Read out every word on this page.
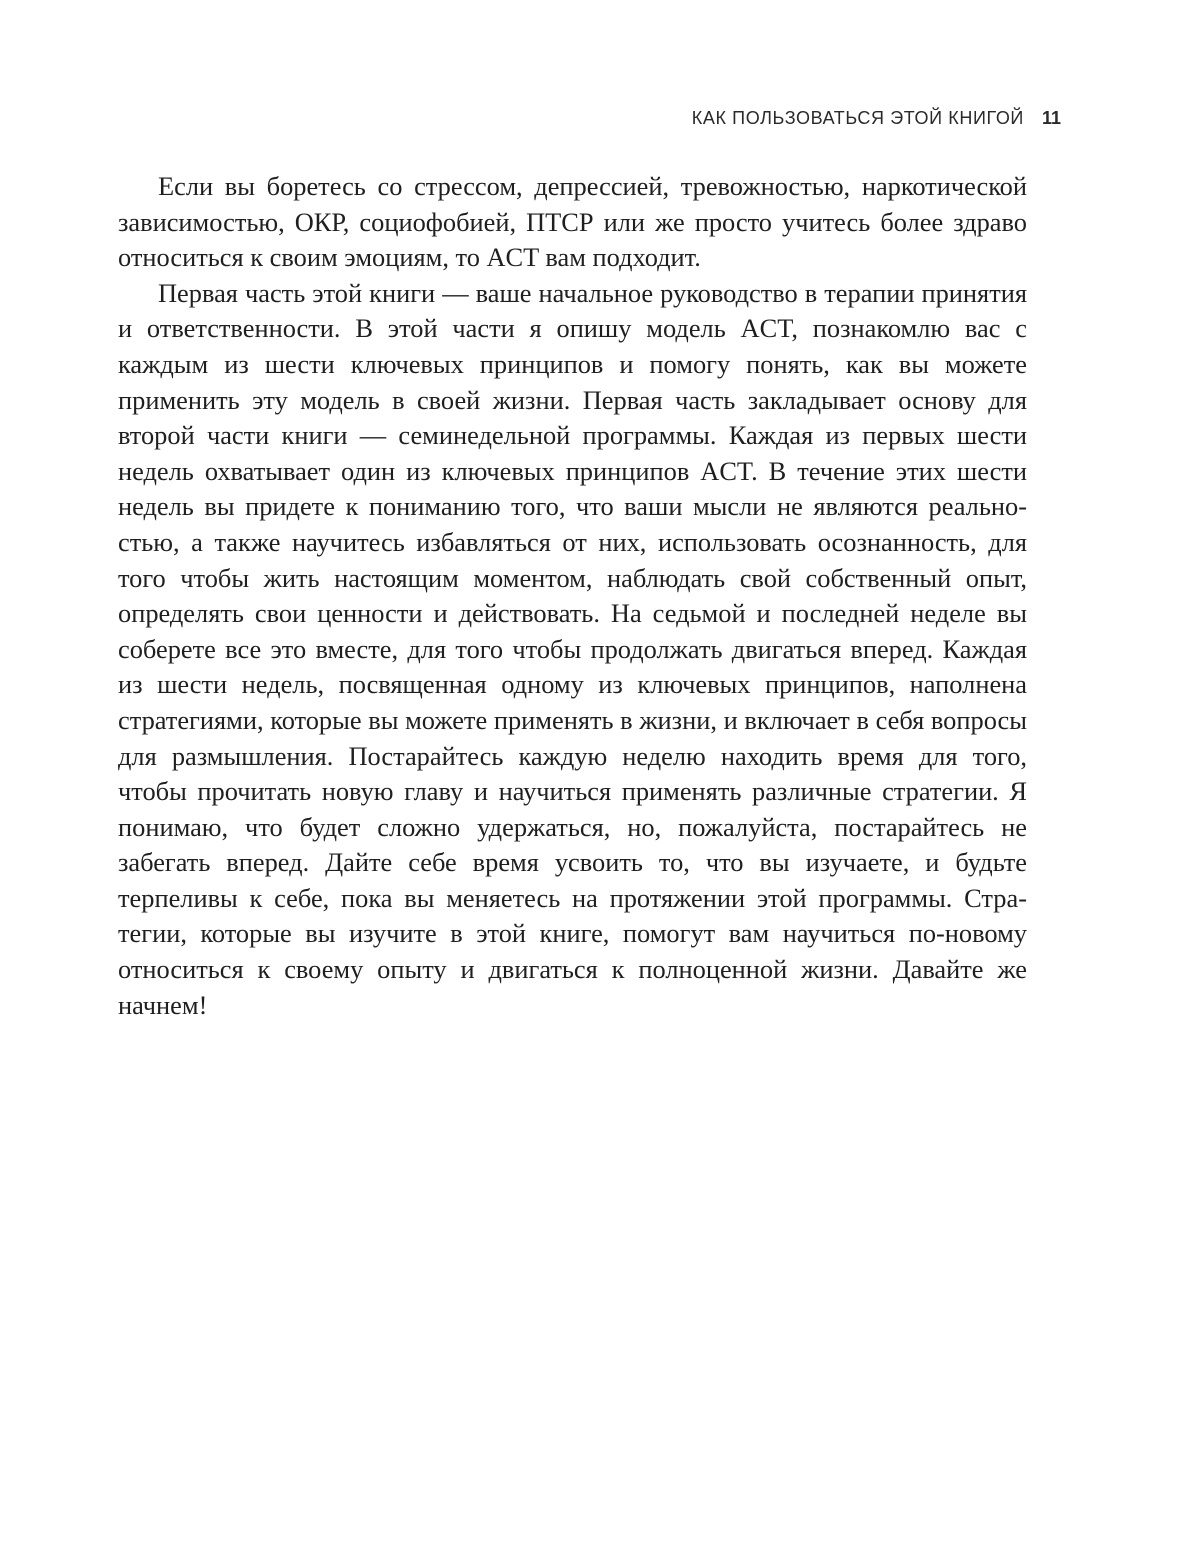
КАК ПОЛЬЗОВАТЬСЯ ЭТОЙ КНИГОЙ 11

Если вы боретесь со стрессом, депрессией, тревожностью, наркотической зависимостью, ОКР, социофобией, ПТСР или же просто учитесь более здраво относиться к своим эмоциям, то ACT вам подходит.

Первая часть этой книги — ваше начальное руководство в терапии принятия и ответственности. В этой части я опишу модель ACT, познакомлю вас с каждым из шести ключевых принципов и помогу понять, как вы можете применить эту модель в своей жизни. Первая часть закладывает основу для второй части книги — семинедельной программы. Каждая из первых шести недель охватывает один из ключевых принципов ACT. В течение этих шести недель вы придете к пониманию того, что ваши мысли не являются реальностью, а также научитесь избавляться от них, использовать осознанность, для того чтобы жить настоящим моментом, наблюдать свой собственный опыт, определять свои ценности и действовать. На седьмой и последней неделе вы соберете все это вместе, для того чтобы продолжать двигаться вперед. Каждая из шести недель, посвященная одному из ключевых принципов, наполнена стратегиями, которые вы можете применять в жизни, и включает в себя вопросы для размышления. Постарайтесь каждую неделю находить время для того, чтобы прочитать новую главу и научиться применять различные стратегии. Я понимаю, что будет сложно удержаться, но, пожалуйста, постарайтесь не забегать вперед. Дайте себе время усвоить то, что вы изучаете, и будьте терпеливы к себе, пока вы меняетесь на протяжении этой программы. Стратегии, которые вы изучите в этой книге, помогут вам научиться по-новому относиться к своему опыту и двигаться к полноценной жизни. Давайте же начнем!
